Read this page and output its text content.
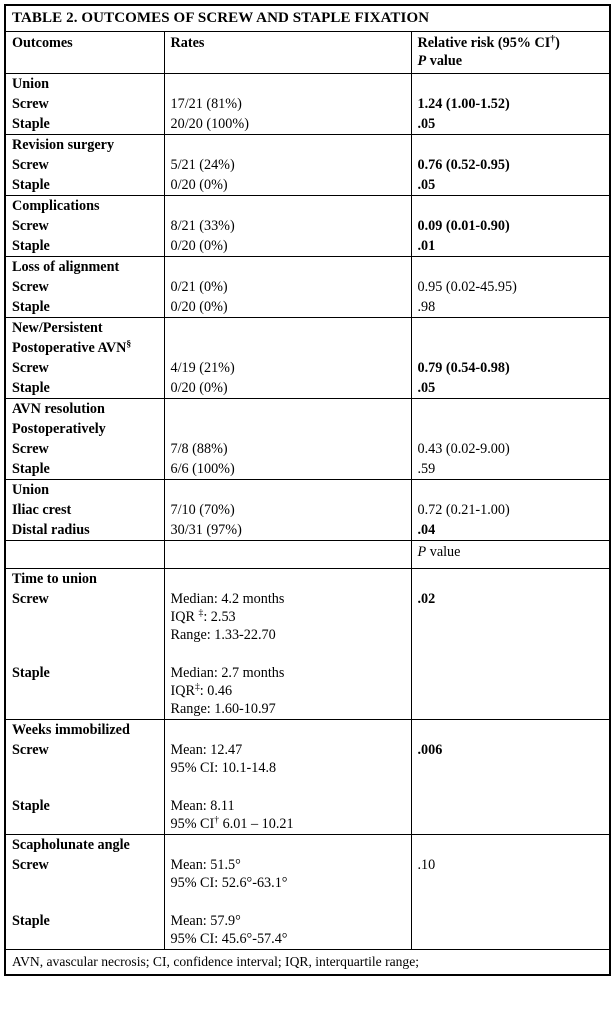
TABLE 2. OUTCOMES OF SCREW AND STAPLE FIXATION		
Outcomes	Rates	Relative risk (95% CI†)
P value

Union		
Screw	17/21 (81%)	1.24 (1.00-1.52)
Staple	20/20 (100%)	.05
Revision surgery		
Screw	5/21 (24%)	0.76 (0.52-0.95)
Staple	0/20 (0%)	.05
Complications		
Screw	8/21 (33%)	0.09 (0.01-0.90)
Staple	0/20 (0%)	.01
Loss of alignment		
Screw	0/21 (0%)	0.95 (0.02-45.95)
Staple	0/20 (0%)	.98
New/Persistent		
Postoperative AVN§		
Screw	4/19 (21%)	0.79 (0.54-0.98)
Staple	0/20 (0%)	.05
AVN resolution		
Postoperatively		
Screw	7/8 (88%)	0.43 (0.02-9.00)
Staple	6/6 (100%)	.59
Union		
Iliac crest	7/10 (70%)	0.72 (0.21-1.00)
Distal radius	30/31 (97%)	.04
		P value
Time to union		
Screw	Median: 4.2 months
IQR ‡: 2.53
Range: 1.33-22.70	.02

Staple	Median: 2.7 months
IQR‡: 0.46
Range: 1.60-10.97	

Weeks immobilized		
Screw	Mean: 12.47
95% CI: 10.1-14.8	.006

Staple	Mean: 8.11
95% CI† 6.01 – 10.21	

Scapholunate angle		
Screw	Mean: 51.5°
95% CI: 52.6°-63.1°	.10

Staple	Mean: 57.9°
95% CI: 45.6°-57.4°	

AVN, avascular necrosis; CI, confidence interval; IQR, interquartile range;		
